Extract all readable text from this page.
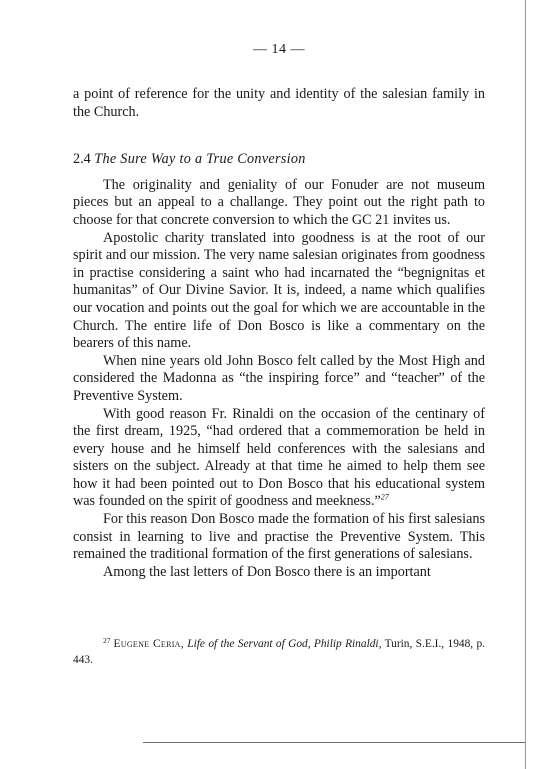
— 14 —

a point of reference for the unity and identity of the salesian family in the Church.

2.4 The Sure Way to a True Conversion

The originality and geniality of our Fonuder are not museum pieces but an appeal to a challange. They point out the right path to choose for that concrete conversion to which the GC 21 invites us.

Apostolic charity translated into goodness is at the root of our spirit and our mission. The very name salesian originates from goodness in practise considering a saint who had incarnated the “begnignitas et humanitas” of Our Divine Savior. It is, indeed, a name which qualifies our vocation and points out the goal for which we are accountable in the Church. The entire life of Don Bosco is like a commentary on the bearers of this name.

When nine years old John Bosco felt called by the Most High and considered the Madonna as “the inspiring force” and “teacher” of the Preventive System.

With good reason Fr. Rinaldi on the occasion of the centinary of the first dream, 1925, “had ordered that a commemoration be held in every house and he himself held conferences with the salesians and sisters on the subject. Already at that time he aimed to help them see how it had been pointed out to Don Bosco that his educational system was founded on the spirit of goodness and meekness.”$^{27}$

For this reason Don Bosco made the formation of his first salesians consist in learning to live and practise the Preventive System. This remained the traditional formation of the first generations of salesians.

Among the last letters of Don Bosco there is an important

$^{27}$ Eugene Ceria, Life of the Servant of God, Philip Rinaldi, Turin, S.E.I., 1948, p. 443.
